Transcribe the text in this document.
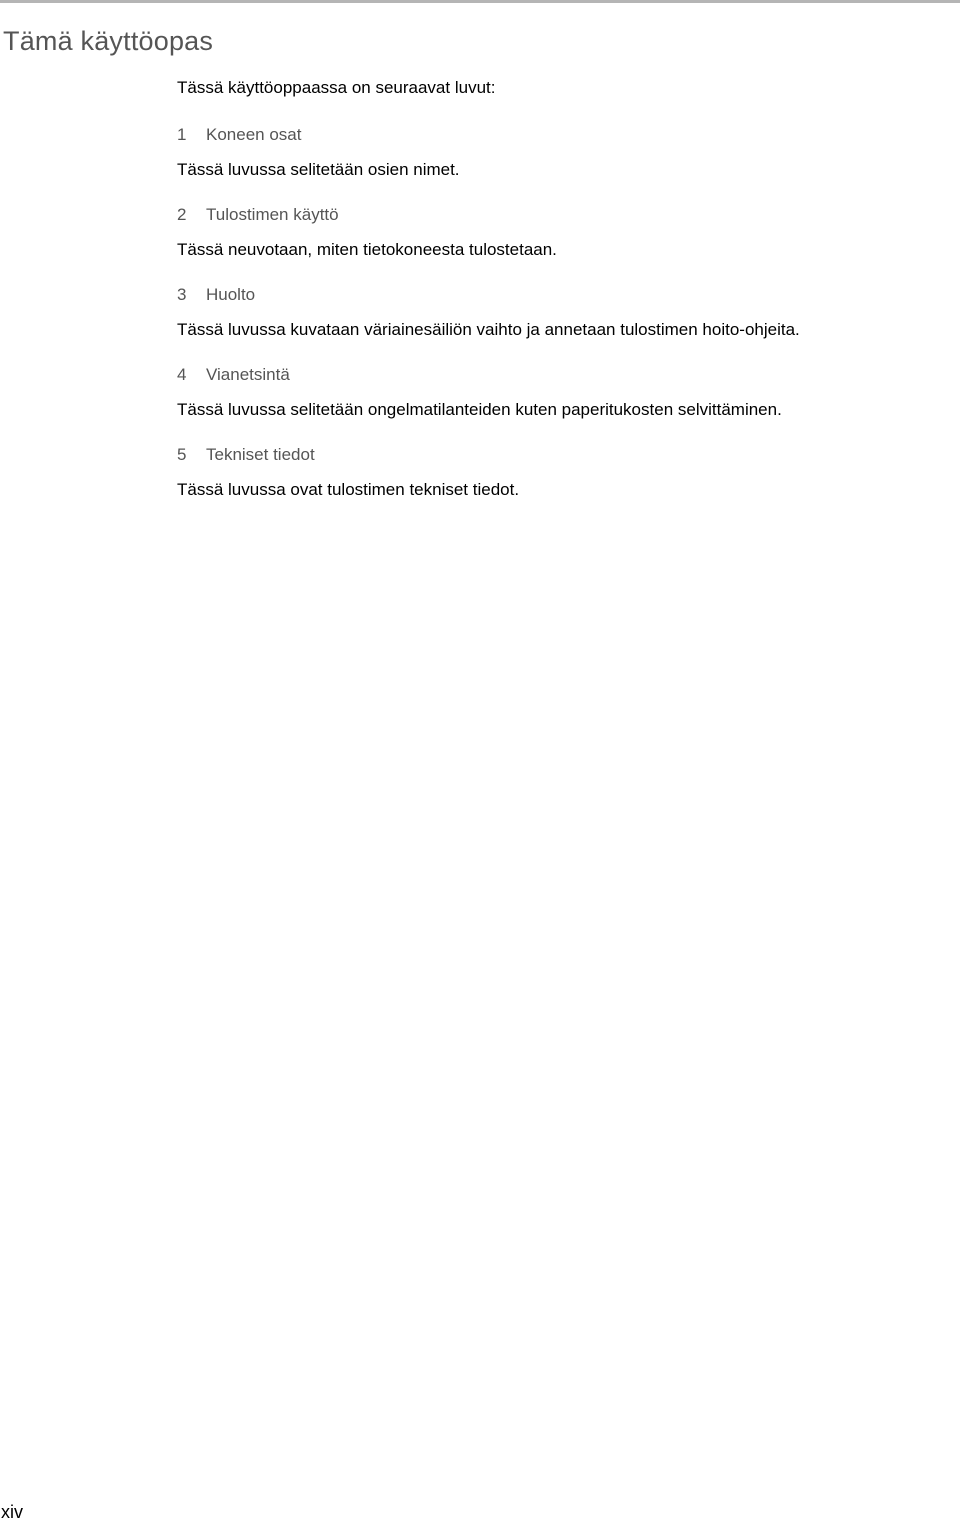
Tämä käyttöopas

Tässä käyttöoppaassa on seuraavat luvut:

1 Koneen osat

Tässä luvussa selitetään osien nimet.

2 Tulostimen käyttö

Tässä neuvotaan, miten tietokoneesta tulostetaan.

3 Huolto

Tässä luvussa kuvataan väriainesäiliön vaihto ja annetaan tulostimen hoito-ohjeita.

4 Vianetsintä

Tässä luvussa selitetään ongelmatilanteiden kuten paperitukosten selvittäminen.

5 Tekniset tiedot

Tässä luvussa ovat tulostimen tekniset tiedot.

xiv
